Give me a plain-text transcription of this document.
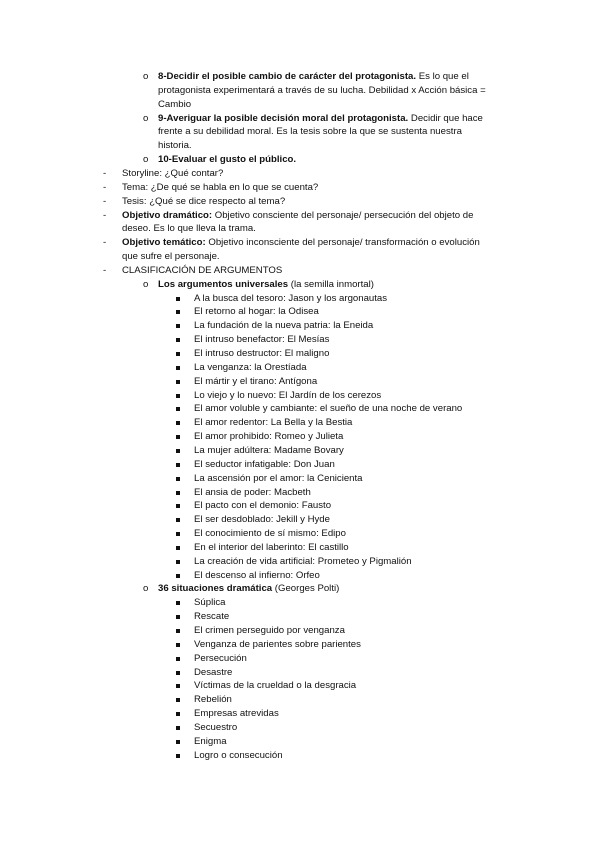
o 8-Decidir el posible cambio de carácter del protagonista. Es lo que el
protagonista experimentará a través de su lucha. Debilidad x Acción básica =
Cambio
o 9-Averiguar la posible decisión moral del protagonista. Decidir que hace
frente a su debilidad moral. Es la tesis sobre la que se sustenta nuestra
historia.
o 10-Evaluar el gusto el público.
- Storyline: ¿Qué contar?
- Tema: ¿De qué se habla en lo que se cuenta?
- Tesis: ¿Qué se dice respecto al tema?
- Objetivo dramático: Objetivo consciente del personaje/ persecución del objeto de
deseo. Es lo que lleva la trama.
- Objetivo temático: Objetivo inconsciente del personaje/ transformación o evolución
que sufre el personaje.
- CLASIFICACIÓN DE ARGUMENTOS
o Los argumentos universales (la semilla inmortal)
A la busca del tesoro: Jason y los argonautas
El retorno al hogar: la Odisea
La fundación de la nueva patria: la Eneida
El intruso benefactor: El Mesías
El intruso destructor: El maligno
La venganza: la Orestíada
El mártir y el tirano: Antígona
Lo viejo y lo nuevo: El Jardín de los cerezos
El amor voluble y cambiante: el sueño de una noche de verano
El amor redentor: La Bella y la Bestia
El amor prohibido: Romeo y Julieta
La mujer adúltera: Madame Bovary
El seductor infatigable: Don Juan
La ascensión por el amor: la Cenicienta
El ansia de poder: Macbeth
El pacto con el demonio: Fausto
El ser desdoblado: Jekill y Hyde
El conocimiento de sí mismo: Edipo
En el interior del laberinto: El castillo
La creación de vida artificial: Prometeo y Pigmalión
El descenso al infierno: Orfeo
o 36 situaciones dramática (Georges Polti)
Súplica
Rescate
El crimen perseguido por venganza
Venganza de parientes sobre parientes
Persecución
Desastre
Víctimas de la crueldad o la desgracia
Rebelión
Empresas atrevidas
Secuestro
Enigma
Logro o consecución
